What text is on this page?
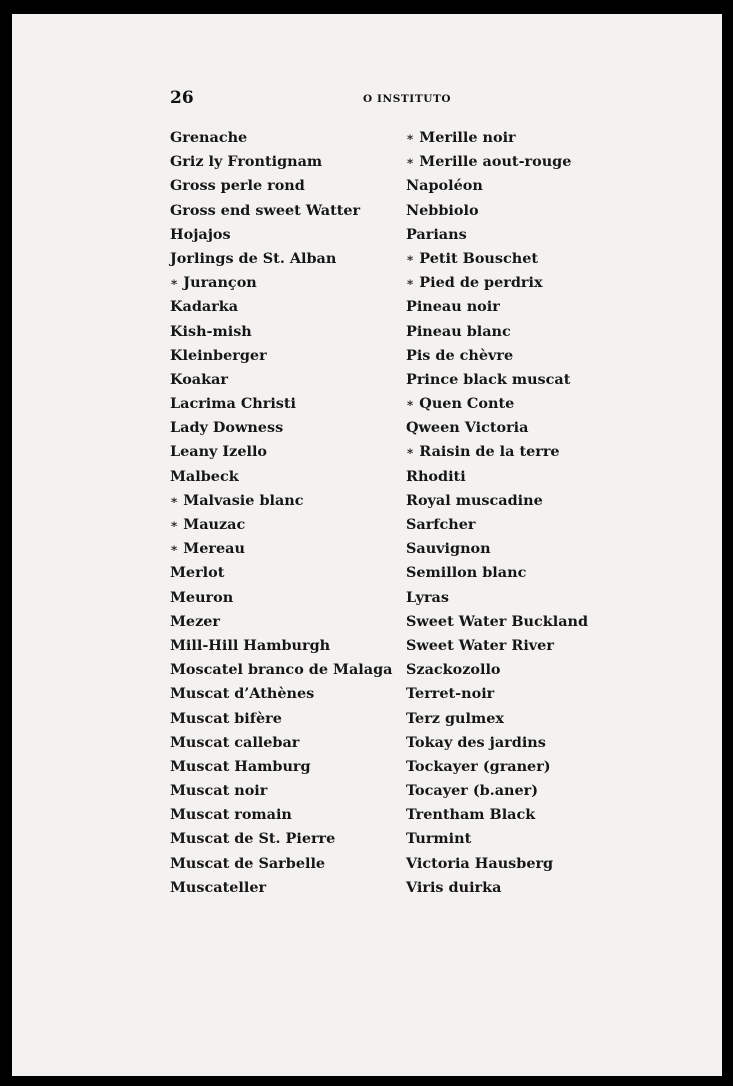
26	O INSTITUTO
Grenache
Griz ly Frontignam
Gross perle rond
Gross end sweet Watter
Hojajos
Jorlings de St. Alban
∗ Jurançon
Kadarka
Kish-mish
Kleinberger
Koakar
Lacrima Christi
Lady Downess
Leany Izello
Malbeck
∗ Malvasie blanc
∗ Mauzac
∗ Mereau
Merlot
Meuron
Mezer
Mill-Hill Hamburgh
Moscatel branco de Malaga
Muscat d’Athènes
Muscat bifère
Muscat callebar
Muscat Hamburg
Muscat noir
Muscat romain
Muscat de St. Pierre
Muscat de Sarbelle
Muscateller
∗ Merille noir
∗ Merille aout-rouge
Napoléon
Nebbiolo
Parians
∗ Petit Bouschet
∗ Pied de perdrix
Pineau noir
Pineau blanc
Pis de chèvre
Prince black muscat
∗ Quen Conte
Qween Victoria
∗ Raisin de la terre
Rhoditi
Royal muscadine
Sarfcher
Sauvignon
Semillon blanc
Lyras
Sweet Water Buckland
Sweet Water River
Szackozollo
Terret-noir
Terz gulmex
Tokay des jardins
Tockayer (graner)
Tocayer (b.aner)
Trentham Black
Turmint
Victoria Hausberg
Viris duirka
